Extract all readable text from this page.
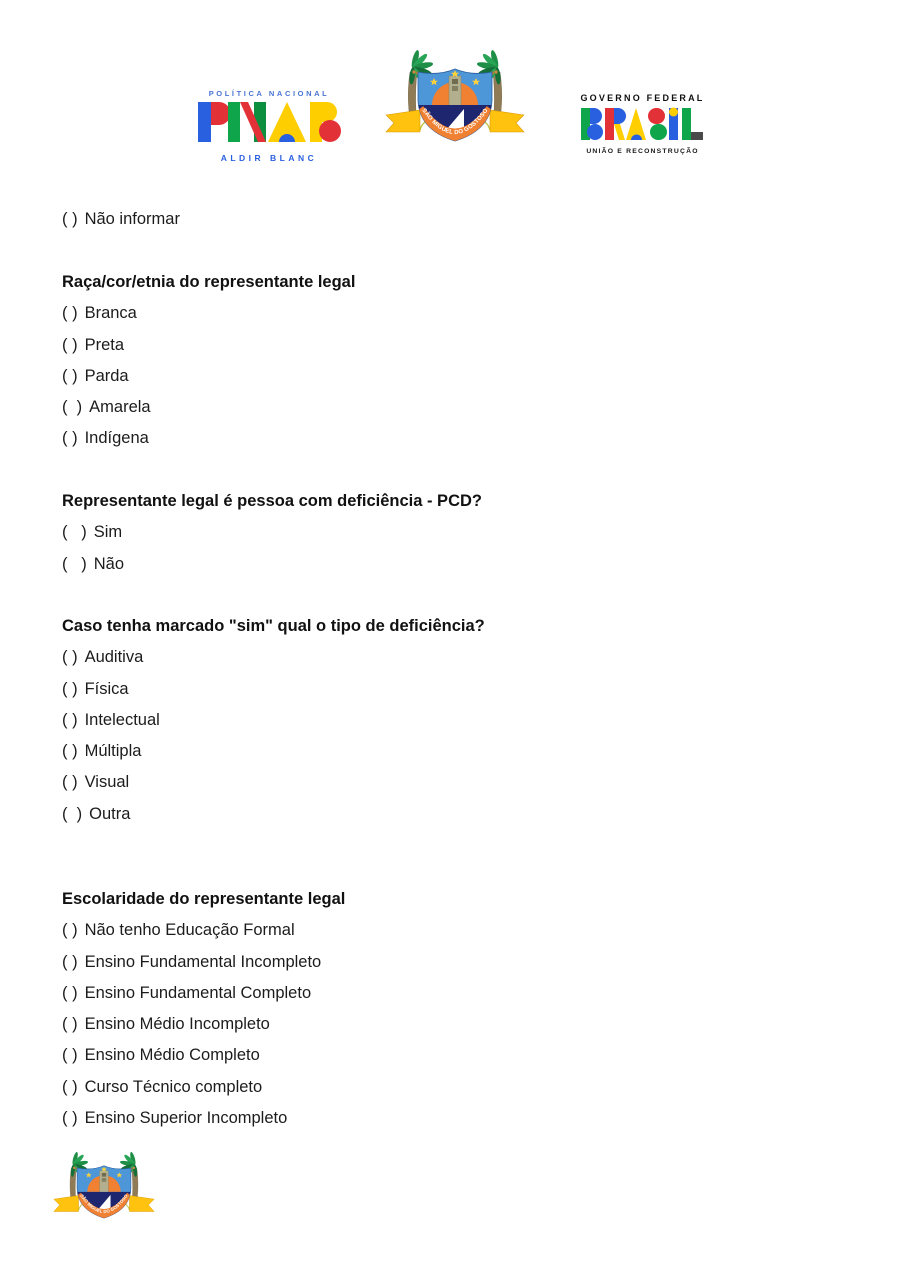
POLÍTICA NACIONAL
ALDIR BLANC
GOVERNO FEDERAL
UNIÃO E RECONSTRUÇÃO
( ) Não informar
Raça/cor/etnia do representante legal
( ) Branca
( ) Preta
( ) Parda
(  ) Amarela
( ) Indígena
Representante legal é pessoa com deficiência - PCD?
(   ) Sim
(   ) Não
Caso tenha marcado "sim" qual o tipo de deficiência?
( ) Auditiva
( ) Física
( ) Intelectual
( ) Múltipla
( ) Visual
(  ) Outra
Escolaridade do representante legal
( ) Não tenho Educação Formal
( ) Ensino Fundamental Incompleto
( ) Ensino Fundamental Completo
( ) Ensino Médio Incompleto
( ) Ensino Médio Completo
( ) Curso Técnico completo
( ) Ensino Superior Incompleto
